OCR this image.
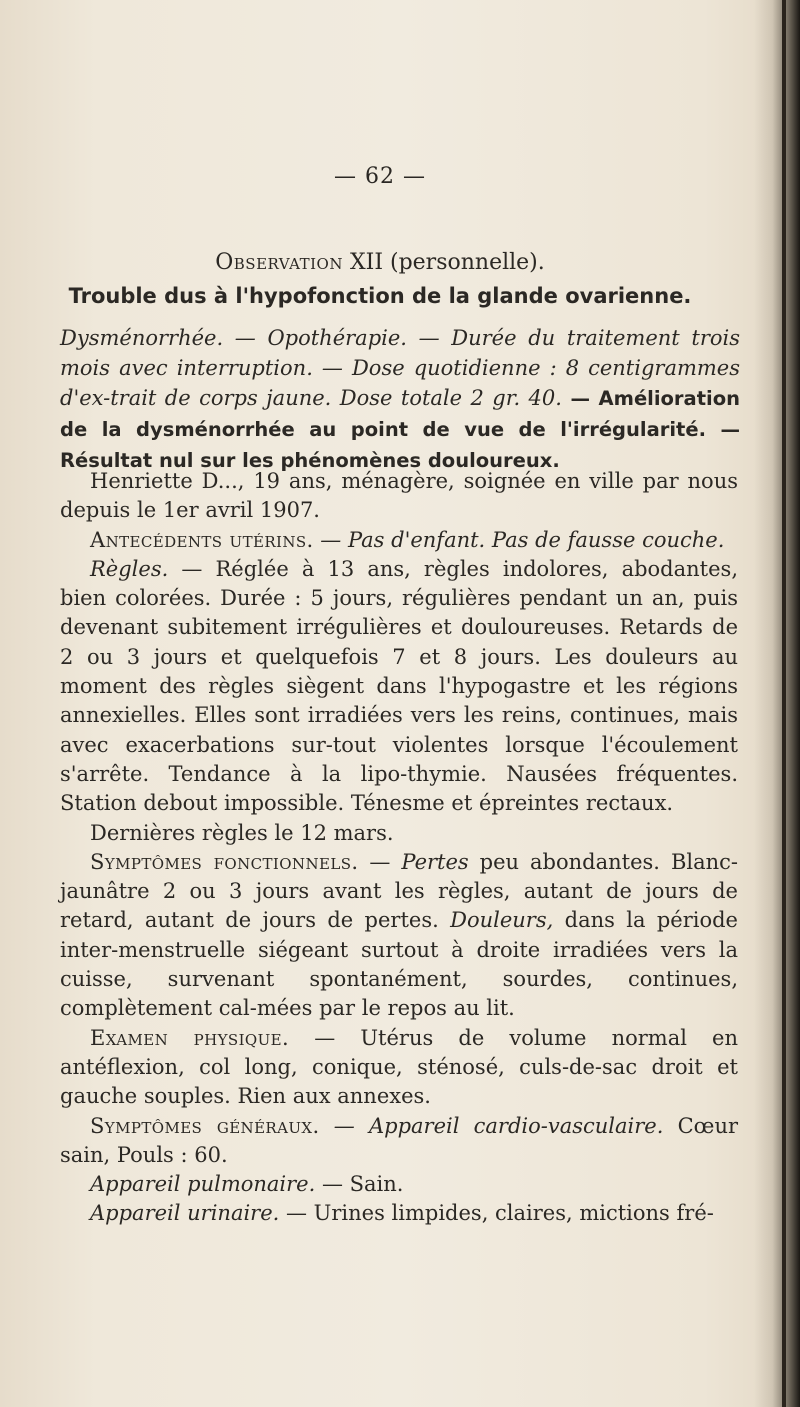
— 62 —
Observation XII (personnelle).
Trouble dus à l'hypofonction de la glande ovarienne.
Dysménorrhée. — Opothérapie. — Durée du traitement trois mois avec interruption. — Dose quotidienne : 8 centigrammes d'ex-trait de corps jaune. Dose totale 2 gr. 40. — Amélioration de la dysménorrhée au point de vue de l'irrégularité. — Résultat nul sur les phénomènes douloureux.

Henriette D..., 19 ans, ménagère, soignée en ville par nous depuis le 1er avril 1907.

Antecédents utérins. — Pas d'enfant. Pas de fausse couche.

Règles. — Réglée à 13 ans, règles indolores, abodantes, bien colorées. Durée : 5 jours, régulières pendant un an, puis devenant subitement irrégulières et douloureuses. Retards de 2 ou 3 jours et quelquefois 7 et 8 jours. Les douleurs au moment des règles siègent dans l'hypogastre et les régions annexielles. Elles sont irradiées vers les reins, continues, mais avec exacerbations sur-tout violentes lorsque l'écoulement s'arrête. Tendance à la lipo-thymie. Nausées fréquentes. Station debout impossible. Ténesme et épreintes rectaux.

Dernières règles le 12 mars.

Symptômes fonctionnels. — Pertes peu abondantes. Blanc-jaunâtre 2 ou 3 jours avant les règles, autant de jours de retard, autant de jours de pertes. Douleurs, dans la période inter-menstruelle siégeant surtout à droite irradiées vers la cuisse, survenant spontanément, sourdes, continues, complètement cal-mées par le repos au lit.

Examen physique. — Utérus de volume normal en antéflexion, col long, conique, sténosé, culs-de-sac droit et gauche souples. Rien aux annexes.

Symptômes généraux. — Appareil cardio-vasculaire. Cœur sain, Pouls : 60.

Appareil pulmonaire. — Sain.

Appareil urinaire. — Urines limpides, claires, mictions fré-
